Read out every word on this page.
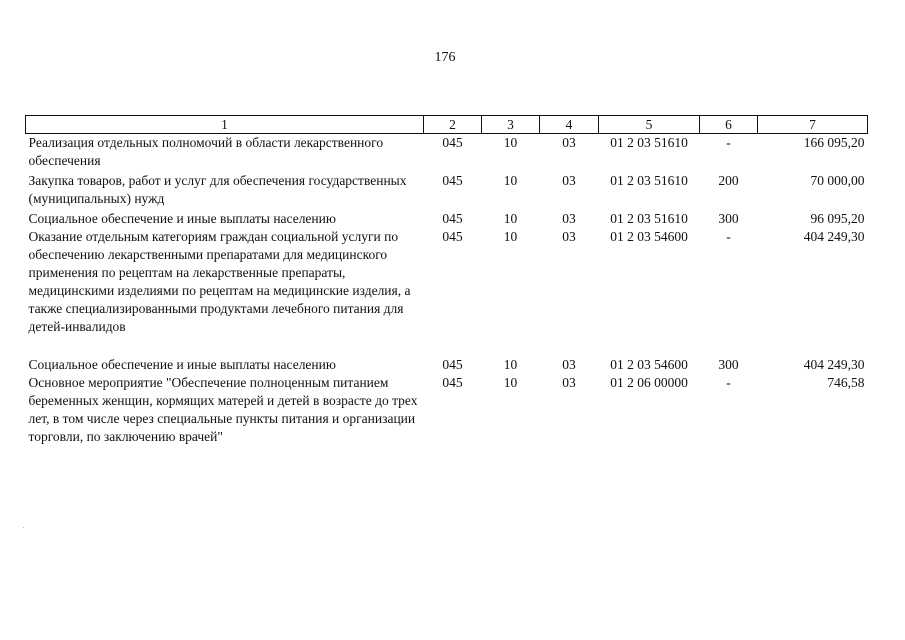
176
1	2	3	4	5	6	7
Реализация отдельных полномочий в области лекарственного обеспечения	045	10	03	01 2 03 51610	-	166 095,20
Закупка товаров, работ и услуг для обеспечения государственных (муниципальных) нужд	045	10	03	01 2 03 51610	200	70 000,00
Социальное обеспечение и иные выплаты населению	045	10	03	01 2 03 51610	300	96 095,20
Оказание отдельным категориям граждан социальной услуги по обеспечению лекарственными препаратами для медицинского применения по рецептам на лекарственные препараты, медицинскими изделиями по рецептам на медицинские изделия, а также специализированными продуктами лечебного питания для детей-инвалидов	045	10	03	01 2 03 54600	-	404 249,30
Социальное обеспечение и иные выплаты населению	045	10	03	01 2 03 54600	300	404 249,30
Основное мероприятие "Обеспечение полноценным питанием беременных женщин, кормящих матерей и детей в возрасте до трех лет, в том числе через специальные пункты питания и организации торговли, по заключению врачей"	045	10	03	01 2 06 00000	-	746,58
